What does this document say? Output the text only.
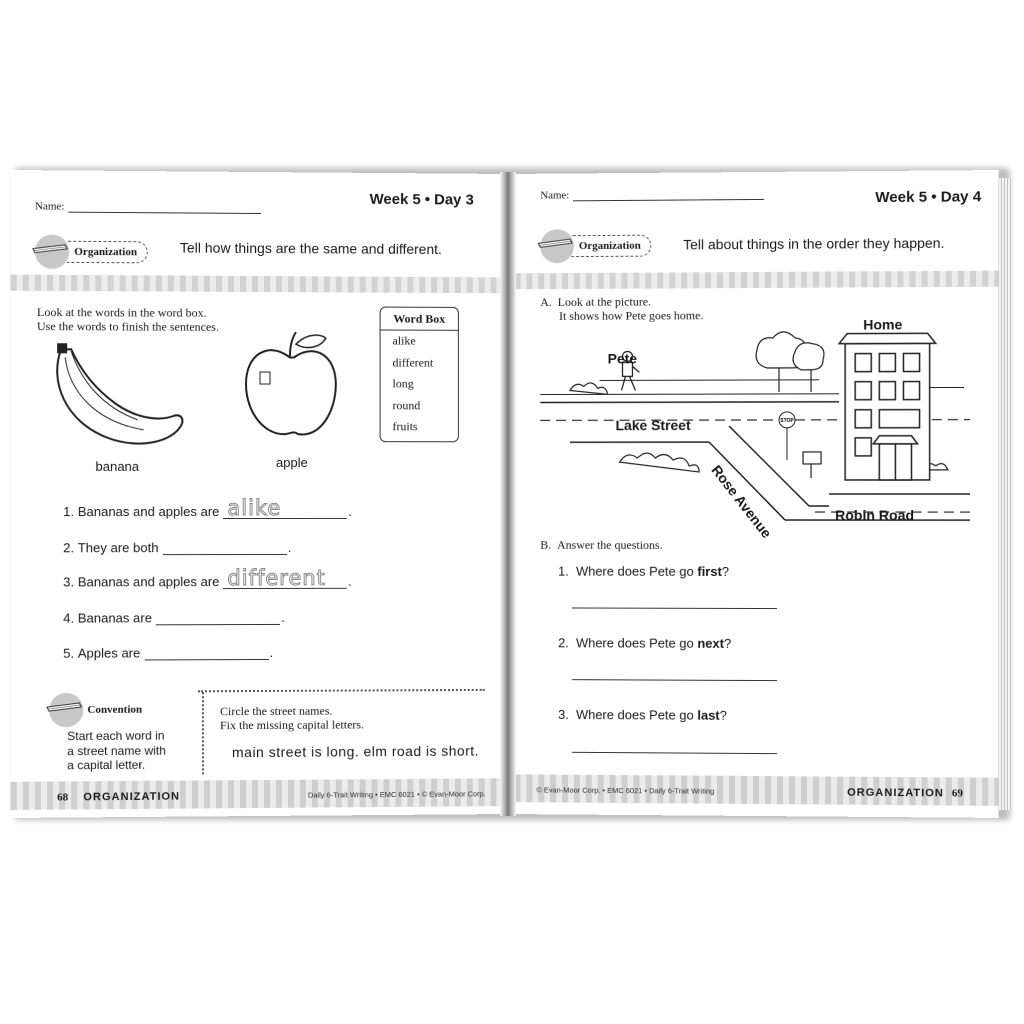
Name:	Week 5 • Day 3
Organization	Tell how things are the same and different.
Look at the words in the word box.
Use the words to finish the sentences.
banana	apple
Word Box
alike
different
long
round
fruits
1.
Bananas and apples are alike	.
2.
They are both	.
3.
Bananas and apples are different .
4.
Bananas are	.
5.
Apples are	.
Convention
Start each word in
a street name with
a capital letter.
Circle the street names.
Fix the missing capital letters.
main street is long. elm road is short.
68 ORGANIZATION	Daily 6-Trait Writing • EMC 6021 • © Evan-Moor Corp.
Name:	Week 5 • Day 4
Organization	Tell about things in the order they happen.
A. Look at the picture.
It shows how Pete goes home.
STOP
Home
Pete
Lake Street
Rose Avenue	Robin Road
B. Answer the questions.
1. Where does Pete go first?
2. Where does Pete go next?
3. Where does Pete go last?
© Evan-Moor Corp. • EMC 6021 • Daily 6-Trait Writing	ORGANIZATION 69
